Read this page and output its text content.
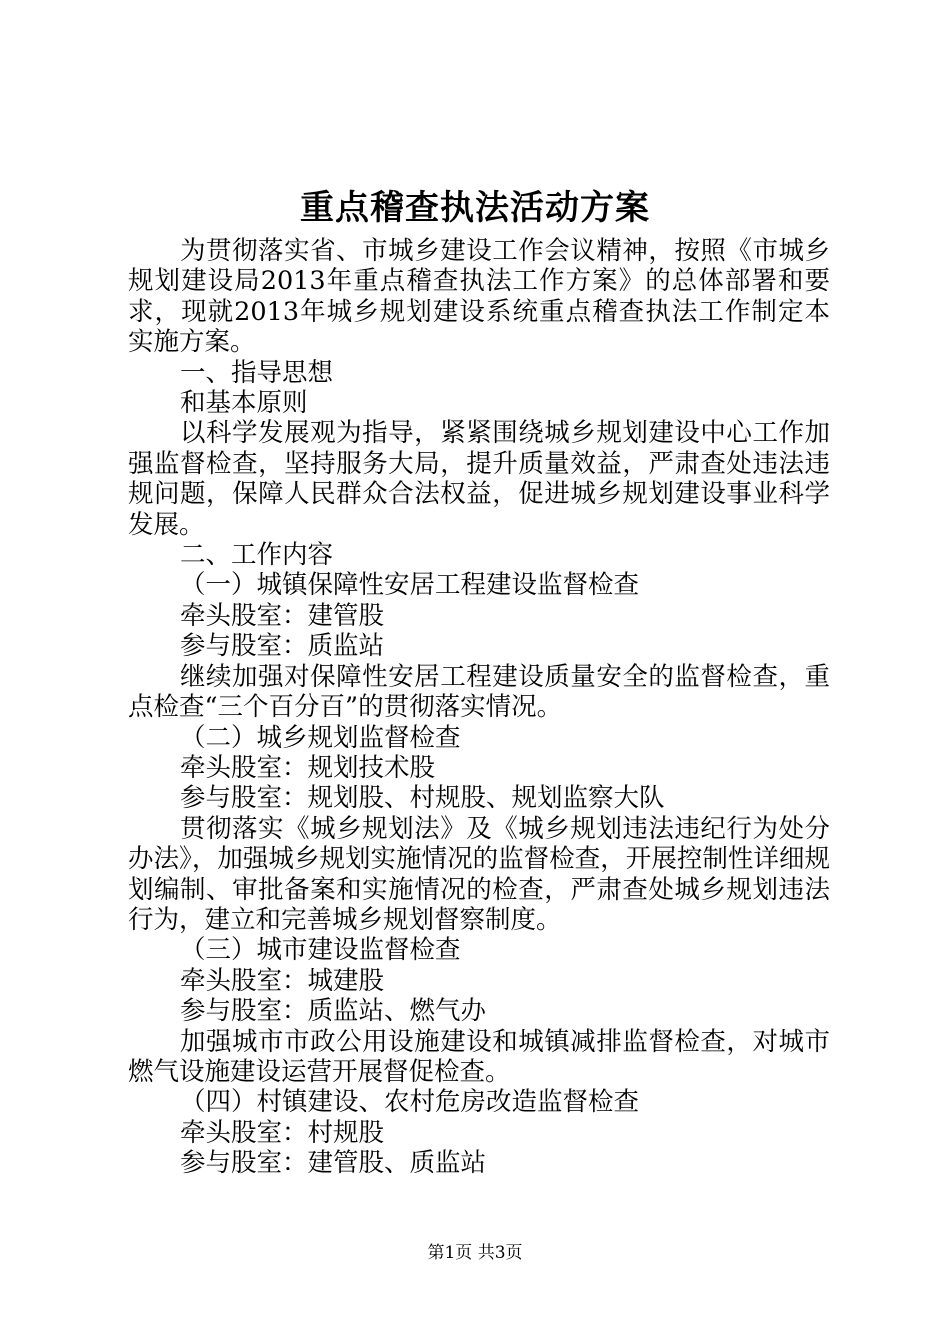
重点稽查执法活动方案

为贯彻落实省、市城乡建设工作会议精神，按照《市城乡规划建设局2013年重点稽查执法工作方案》的总体部署和要求，现就2013年城乡规划建设系统重点稽查执法工作制定本实施方案。

一、指导思想

和基本原则

以科学发展观为指导，紧紧围绕城乡规划建设中心工作加强监督检查，坚持服务大局，提升质量效益，严肃查处违法违规问题，保障人民群众合法权益，促进城乡规划建设事业科学发展。

二、工作内容

（一）城镇保障性安居工程建设监督检查

牵头股室：建管股

参与股室：质监站

继续加强对保障性安居工程建设质量安全的监督检查，重点检查“三个百分百”的贯彻落实情况。

（二）城乡规划监督检查

牵头股室：规划技术股

参与股室：规划股、村规股、规划监察大队

贯彻落实《城乡规划法》及《城乡规划违法违纪行为处分办法》，加强城乡规划实施情况的监督检查，开展控制性详细规划编制、审批备案和实施情况的检查，严肃查处城乡规划违法行为，建立和完善城乡规划督察制度。

（三）城市建设监督检查

牵头股室：城建股

参与股室：质监站、燃气办

加强城市市政公用设施建设和城镇减排监督检查，对城市燃气设施建设运营开展督促检查。

（四）村镇建设、农村危房改造监督检查

牵头股室：村规股

参与股室：建管股、质监站

第1页 共3页
